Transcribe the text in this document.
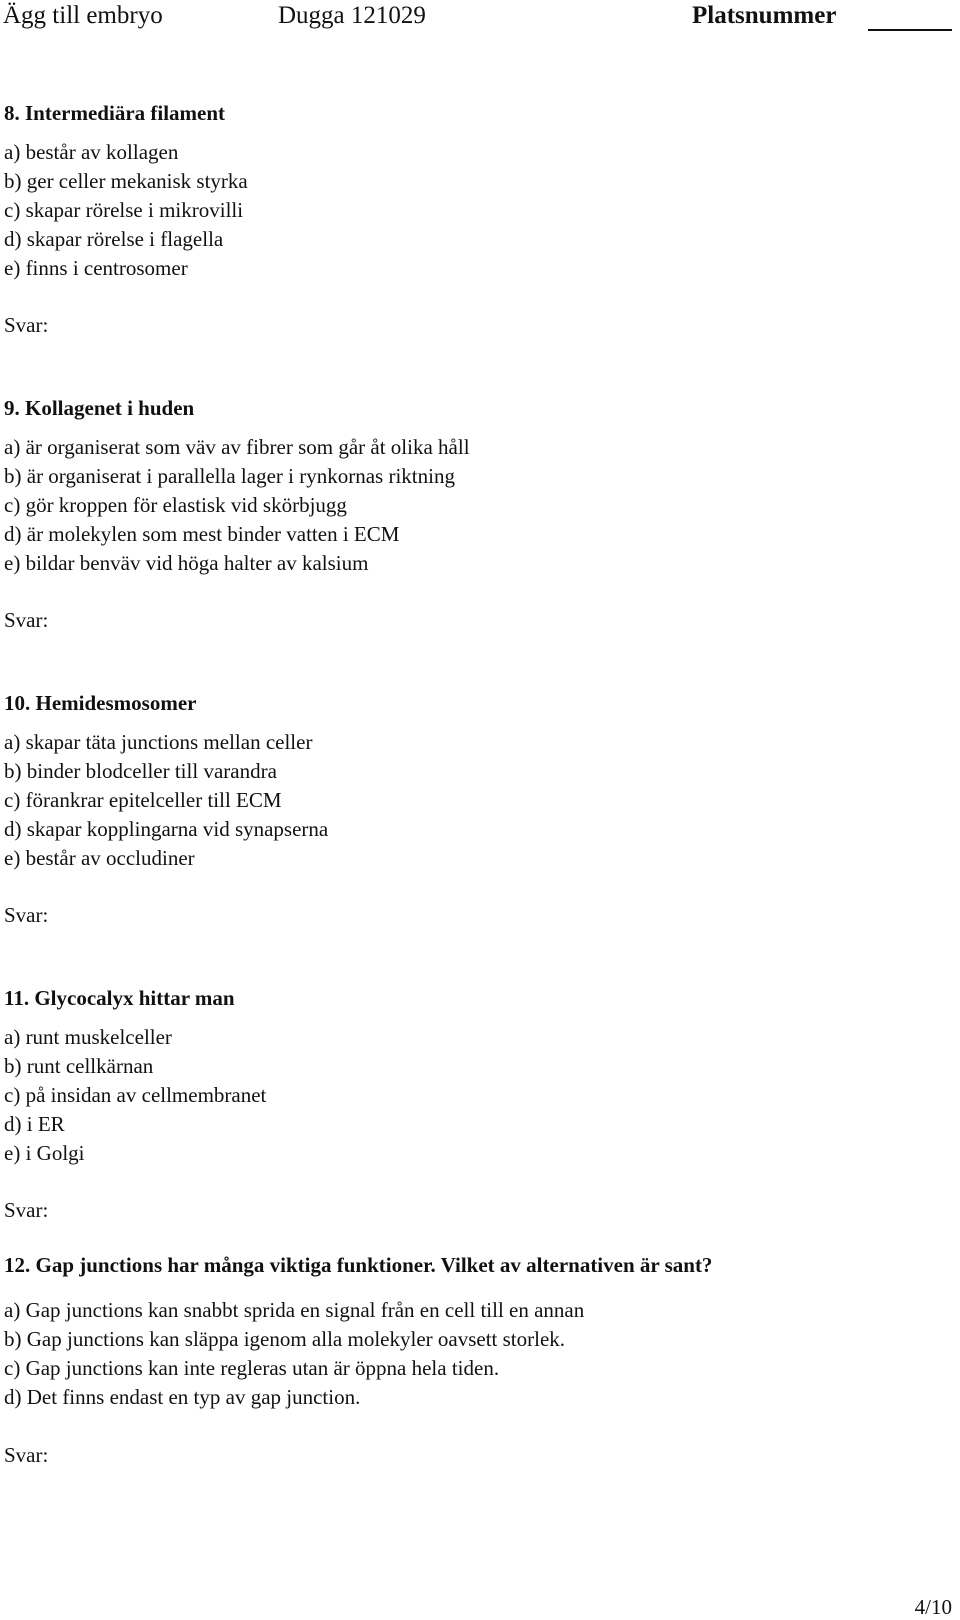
Ägg till embryo	Dugga 121029	Platsnummer
8. Intermediära filament
a) består av kollagen
b) ger celler mekanisk styrka
c) skapar rörelse i mikrovilli
d) skapar rörelse i flagella
e) finns i centrosomer
Svar:
9. Kollagenet i huden
a) är organiserat som väv av fibrer som går åt olika håll
b) är organiserat i parallella lager i rynkornas riktning
c) gör kroppen för elastisk vid skörbjugg
d) är molekylen som mest binder vatten i ECM
e) bildar benväv vid höga halter av kalsium
Svar:
10. Hemidesmosomer
a) skapar täta junctions mellan celler
b) binder blodceller till varandra
c) förankrar epitelceller till ECM
d) skapar kopplingarna vid synapserna
e) består av occludiner
Svar:
11. Glycocalyx hittar man
a) runt muskelceller
b) runt cellkärnan
c) på insidan av cellmembranet
d) i ER
e) i Golgi
Svar:
12. Gap junctions har många viktiga funktioner. Vilket av alternativen är sant?
a) Gap junctions kan snabbt sprida en signal från en cell till en annan
b) Gap junctions kan släppa igenom alla molekyler oavsett storlek.
c) Gap junctions kan inte regleras utan är öppna hela tiden.
d) Det finns endast en typ av gap junction.
Svar:
4/10
